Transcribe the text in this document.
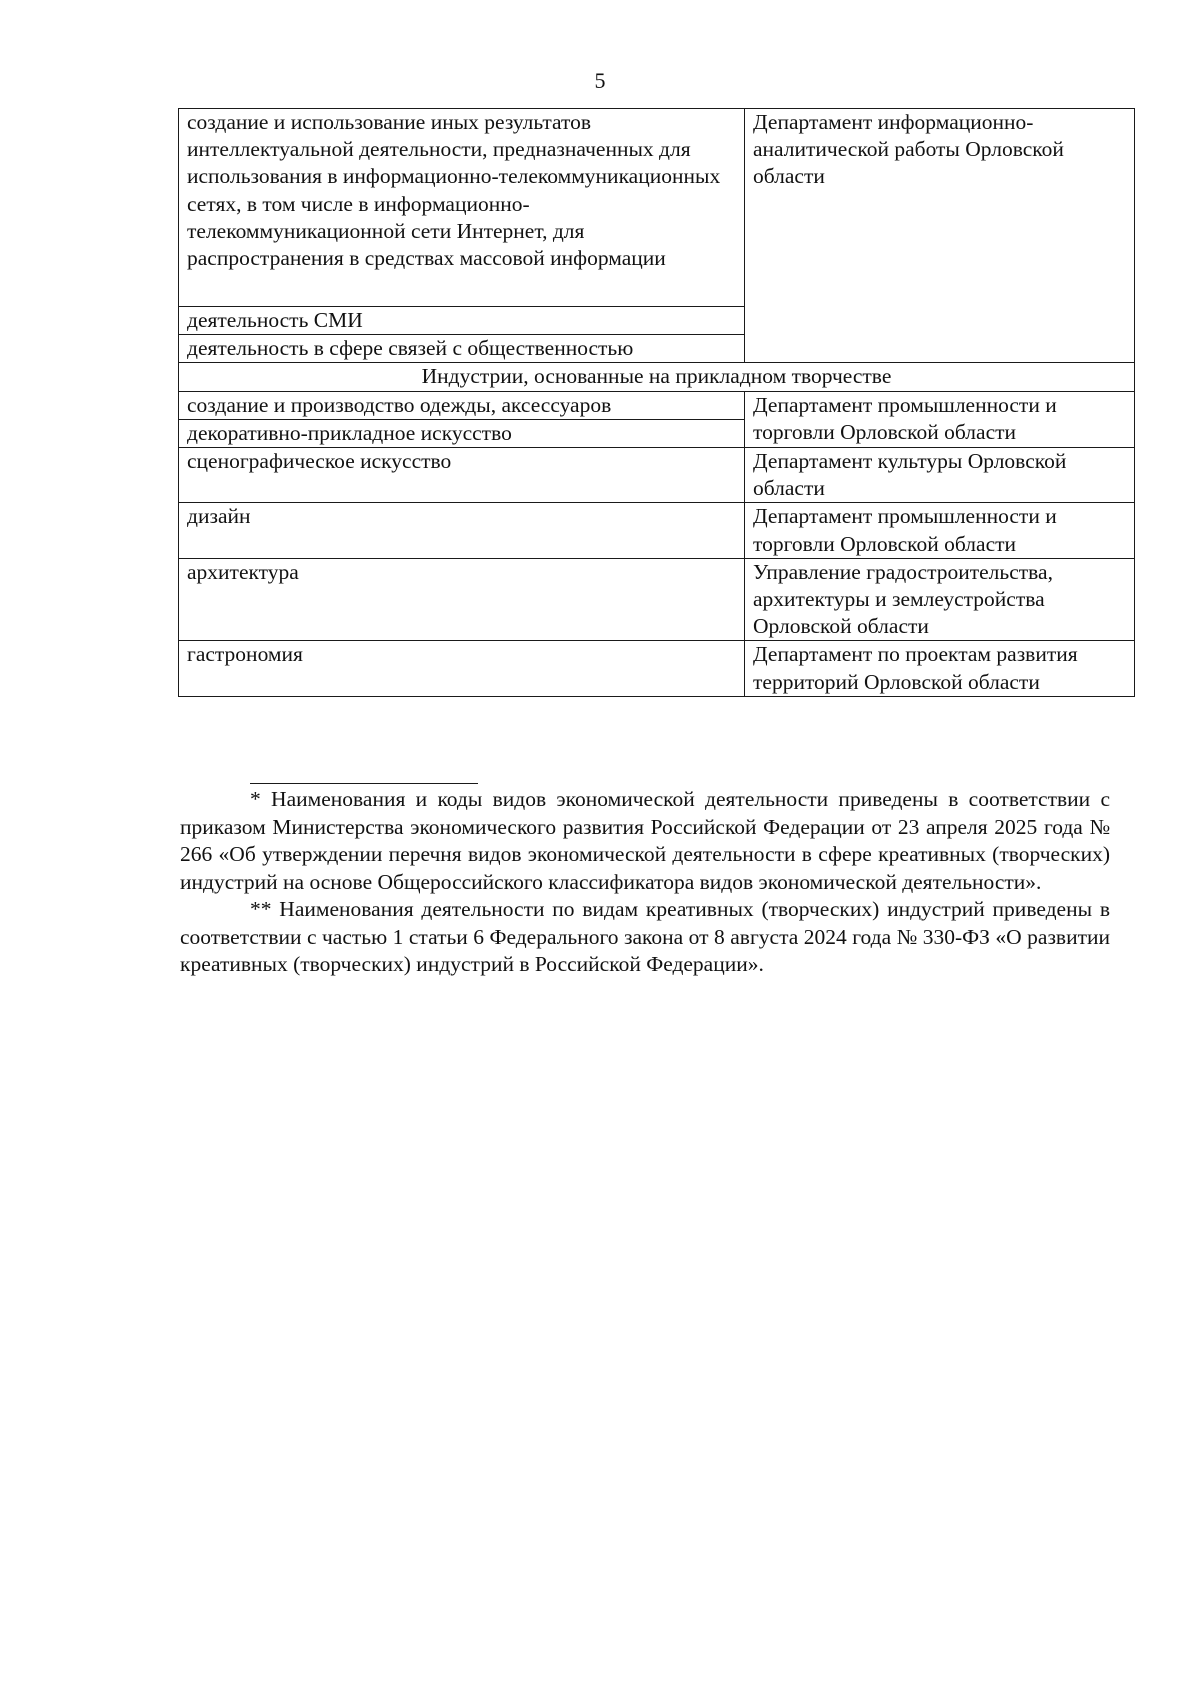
5
создание и использование иных результатов интеллектуальной деятельности, предназначенных для использования в информационно-телекоммуникационных сетях, в том числе в информационно-телекоммуникационной сети Интернет, для распространения в средствах массовой информации	Департамент информационно-аналитической работы Орловской области
деятельность СМИ	
деятельность в сфере связей с общественностью	
Индустрии, основанные на прикладном творчестве	
создание и производство одежды, аксессуаров	Департамент промышленности и торговли Орловской области
декоративно-прикладное искусство	
сценографическое искусство	Департамент культуры Орловской области
дизайн	Департамент промышленности и торговли Орловской области
архитектура	Управление градостроительства, архитектуры и землеустройства Орловской области
гастрономия	Департамент по проектам развития территорий Орловской области

* Наименования и коды видов экономической деятельности приведены в соответствии с приказом Министерства экономического развития Российской Федерации от 23 апреля 2025 года № 266 «Об утверждении перечня видов экономической деятельности в сфере креативных (творческих) индустрий на основе Общероссийского классификатора видов экономической деятельности».

** Наименования деятельности по видам креативных (творческих) индустрий приведены в соответствии с частью 1 статьи 6 Федерального закона от 8 августа 2024 года № 330-ФЗ «О развитии креативных (творческих) индустрий в Российской Федерации».
